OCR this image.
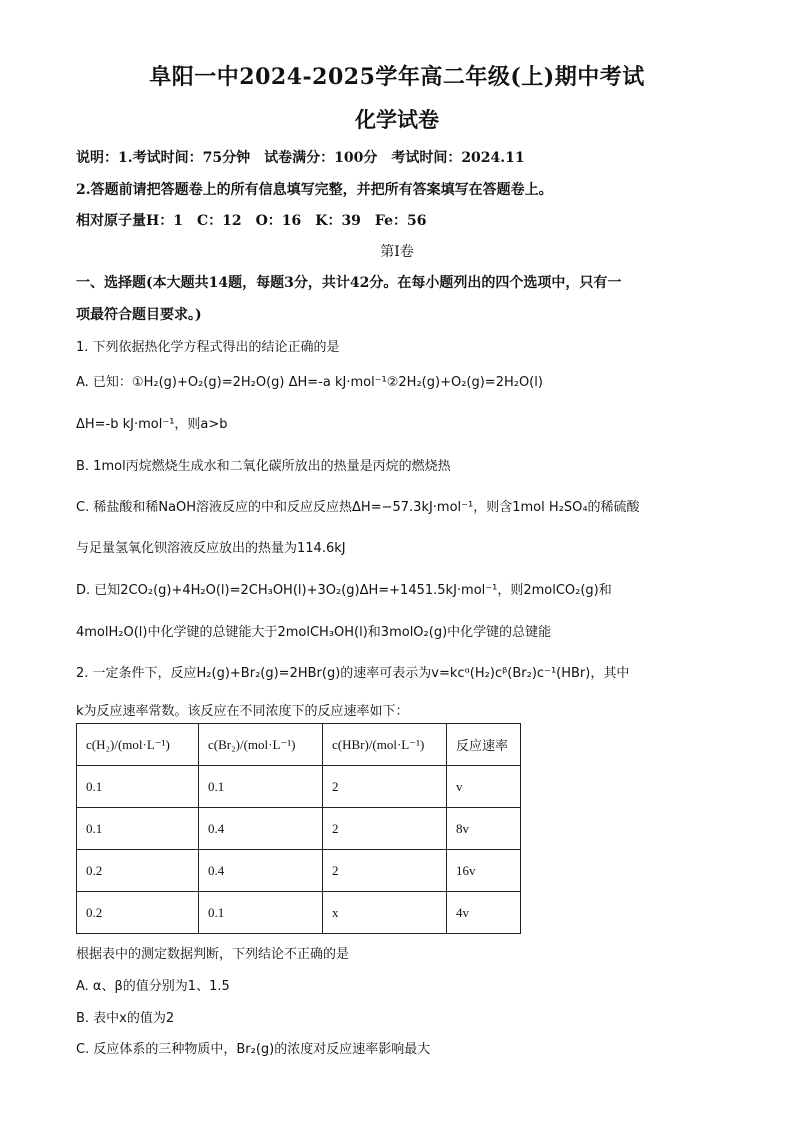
阜阳一中2024-2025学年高二年级(上)期中考试
化学试卷
说明：1.考试时间：75分钟　试卷满分：100分　考试时间：2024.11
2.答题前请把答题卷上的所有信息填写完整，并把所有答案填写在答题卷上。
相对原子量H：1　C：12　O：16　K：39　Fe：56
第Ⅰ卷
一、选择题(本大题共14题，每题3分，共计42分。在每小题列出的四个选项中，只有一
项最符合题目要求。)
1. 下列依据热化学方程式得出的结论正确的是
A. 已知：①H₂(g)+O₂(g)=2H₂O(g) ΔH=-a kJ·mol⁻¹②2H₂(g)+O₂(g)=2H₂O(l)
ΔH=-b kJ·mol⁻¹，则a>b
B. 1mol丙烷燃烧生成水和二氧化碳所放出的热量是丙烷的燃烧热
C. 稀盐酸和稀NaOH溶液反应的中和反应反应热ΔH=−57.3kJ·mol⁻¹，则含1mol H₂SO₄的稀硫酸
与足量氢氧化钡溶液反应放出的热量为114.6kJ
D. 已知2CO₂(g)+4H₂O(l)=2CH₃OH(l)+3O₂(g)ΔH=+1451.5kJ·mol⁻¹，则2molCO₂(g)和
4molH₂O(l)中化学键的总键能大于2molCH₃OH(l)和3molO₂(g)中化学键的总键能
2. 一定条件下，反应H₂(g)+Br₂(g)=2HBr(g)的速率可表示为v=kcᵅ(H₂)cᵝ(Br₂)c⁻¹(HBr)，其中
k为反应速率常数。该反应在不同浓度下的反应速率如下：
c(H₂)/(mol·L⁻¹)	c(Br₂)/(mol·L⁻¹)	c(HBr)/(mol·L⁻¹)	反应速率
0.1	0.1	2	v
0.1	0.4	2	8v
0.2	0.4	2	16v
0.2	0.1	x	4v
根据表中的测定数据判断，下列结论不正确的是
A. α、β的值分别为1、1.5
B. 表中x的值为2
C. 反应体系的三种物质中，Br₂(g)的浓度对反应速率影响最大
